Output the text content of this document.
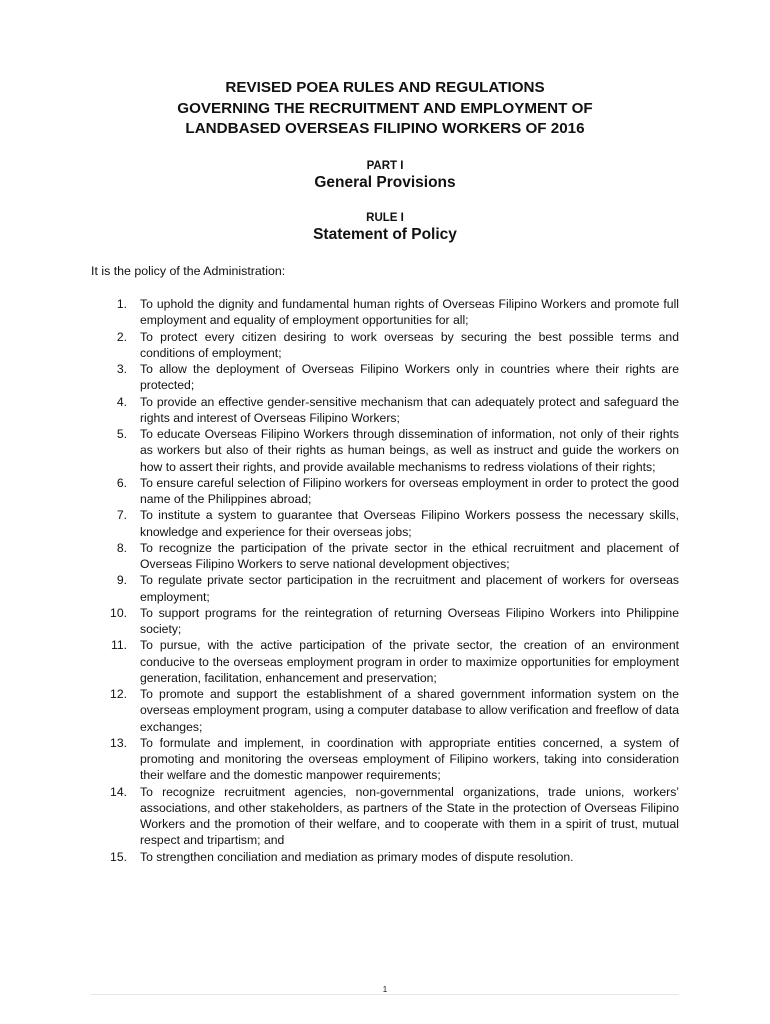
REVISED POEA RULES AND REGULATIONS
GOVERNING THE RECRUITMENT AND EMPLOYMENT OF
LANDBASED OVERSEAS FILIPINO WORKERS OF 2016
PART I
General Provisions
RULE I
Statement of Policy
It is the policy of the Administration:
1. To uphold the dignity and fundamental human rights of Overseas Filipino Workers and promote full employment and equality of employment opportunities for all;
2. To protect every citizen desiring to work overseas by securing the best possible terms and conditions of employment;
3. To allow the deployment of Overseas Filipino Workers only in countries where their rights are protected;
4. To provide an effective gender-sensitive mechanism that can adequately protect and safeguard the rights and interest of Overseas Filipino Workers;
5. To educate Overseas Filipino Workers through dissemination of information, not only of their rights as workers but also of their rights as human beings, as well as instruct and guide the workers on how to assert their rights, and provide available mechanisms to redress violations of their rights;
6. To ensure careful selection of Filipino workers for overseas employment in order to protect the good name of the Philippines abroad;
7. To institute a system to guarantee that Overseas Filipino Workers possess the necessary skills, knowledge and experience for their overseas jobs;
8. To recognize the participation of the private sector in the ethical recruitment and placement of Overseas Filipino Workers to serve national development objectives;
9. To regulate private sector participation in the recruitment and placement of workers for overseas employment;
10. To support programs for the reintegration of returning Overseas Filipino Workers into Philippine society;
11. To pursue, with the active participation of the private sector, the creation of an environment conducive to the overseas employment program in order to maximize opportunities for employment generation, facilitation, enhancement and preservation;
12. To promote and support the establishment of a shared government information system on the overseas employment program, using a computer database to allow verification and freeflow of data exchanges;
13. To formulate and implement, in coordination with appropriate entities concerned, a system of promoting and monitoring the overseas employment of Filipino workers, taking into consideration their welfare and the domestic manpower requirements;
14. To recognize recruitment agencies, non-governmental organizations, trade unions, workers’ associations, and other stakeholders, as partners of the State in the protection of Overseas Filipino Workers and the promotion of their welfare, and to cooperate with them in a spirit of trust, mutual respect and tripartism; and
15. To strengthen conciliation and mediation as primary modes of dispute resolution.
1
